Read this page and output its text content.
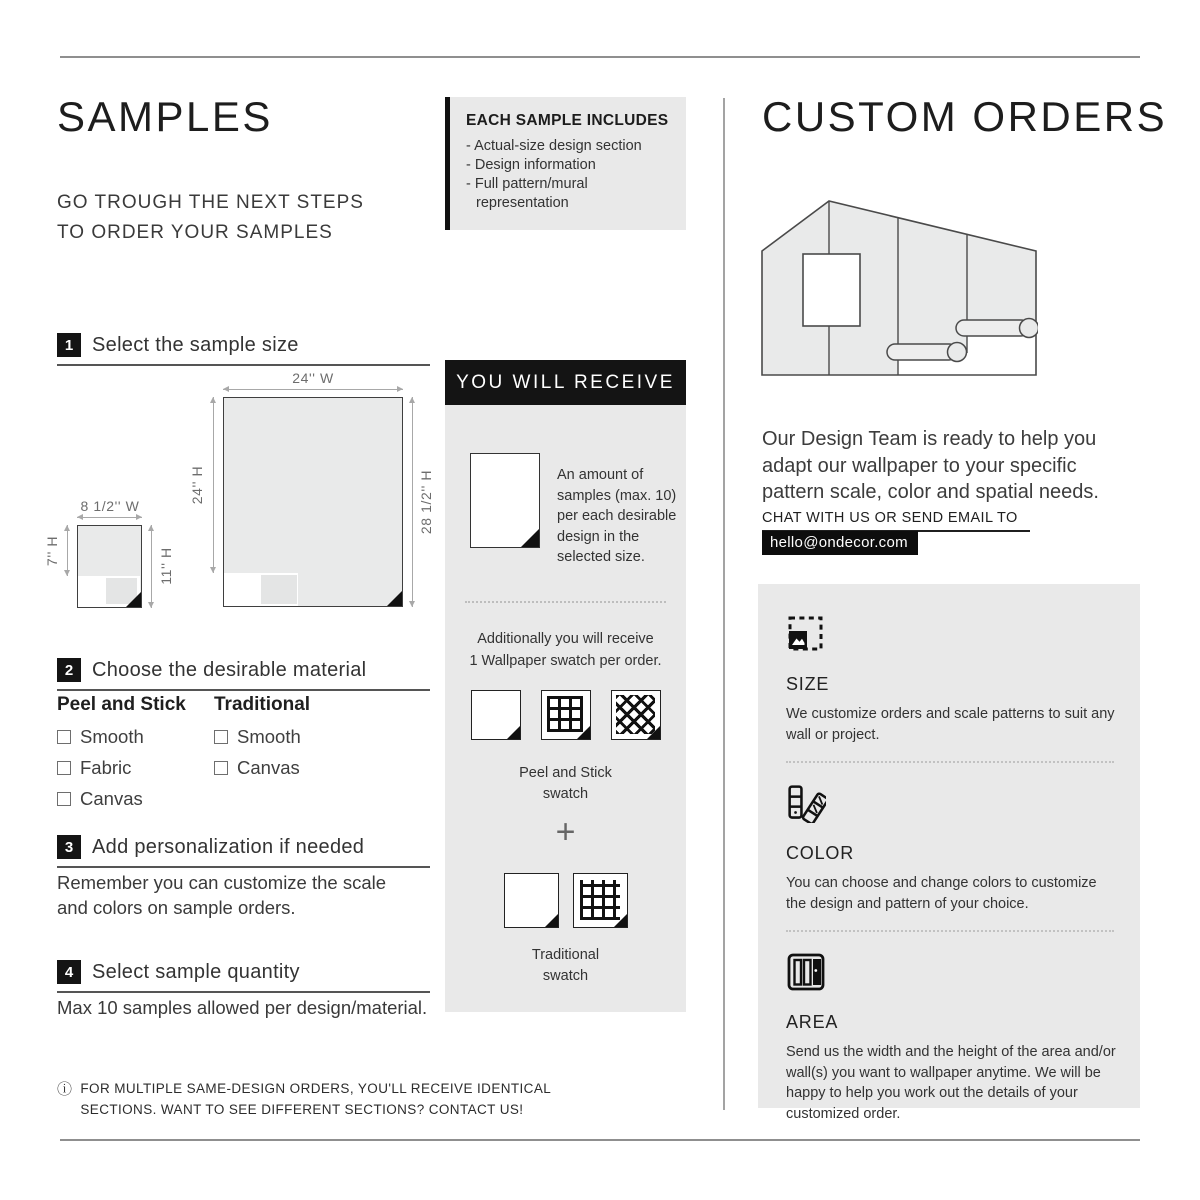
SAMPLES
GO TROUGH THE NEXT STEPS
TO ORDER YOUR SAMPLES
1 Select the sample size
24'' W
24'' H	28 1/2'' H
8 1/2'' W
7'' H	11'' H
2 Choose the desirable material
Peel and Stick
Smooth
Fabric
Canvas
Traditional
Smooth
Canvas
3 Add personalization if needed
Remember you can customize the scale and colors on sample orders.
4 Select sample quantity
Max 10 samples allowed per design/material.
ⓘ FOR MULTIPLE SAME-DESIGN ORDERS, YOU'LL RECEIVE IDENTICAL
SECTIONS. WANT TO SEE DIFFERENT SECTIONS? CONTACT US!
EACH SAMPLE INCLUDES
- Actual-size design section
- Design information
- Full pattern/mural representation
YOU WILL RECEIVE
An amount of samples (max. 10) per each desirable design in the selected size.
Additionally you will receive
1 Wallpaper swatch per order.
Peel and Stick
swatch
+
Traditional
swatch
CUSTOM ORDERS

Our Design Team is ready to help you adapt our wallpaper to your specific pattern scale, color and spatial needs.

CHAT WITH US OR SEND EMAIL TO
hello@ondecor.com
SIZE

We customize orders and scale patterns to suit any wall or project.

COLOR

You can choose and change colors to customize the design and pattern of your choice.

AREA

Send us the width and the height of the area and/or wall(s) you want to wallpaper anytime. We will be happy to help you work out the details of your customized order.
